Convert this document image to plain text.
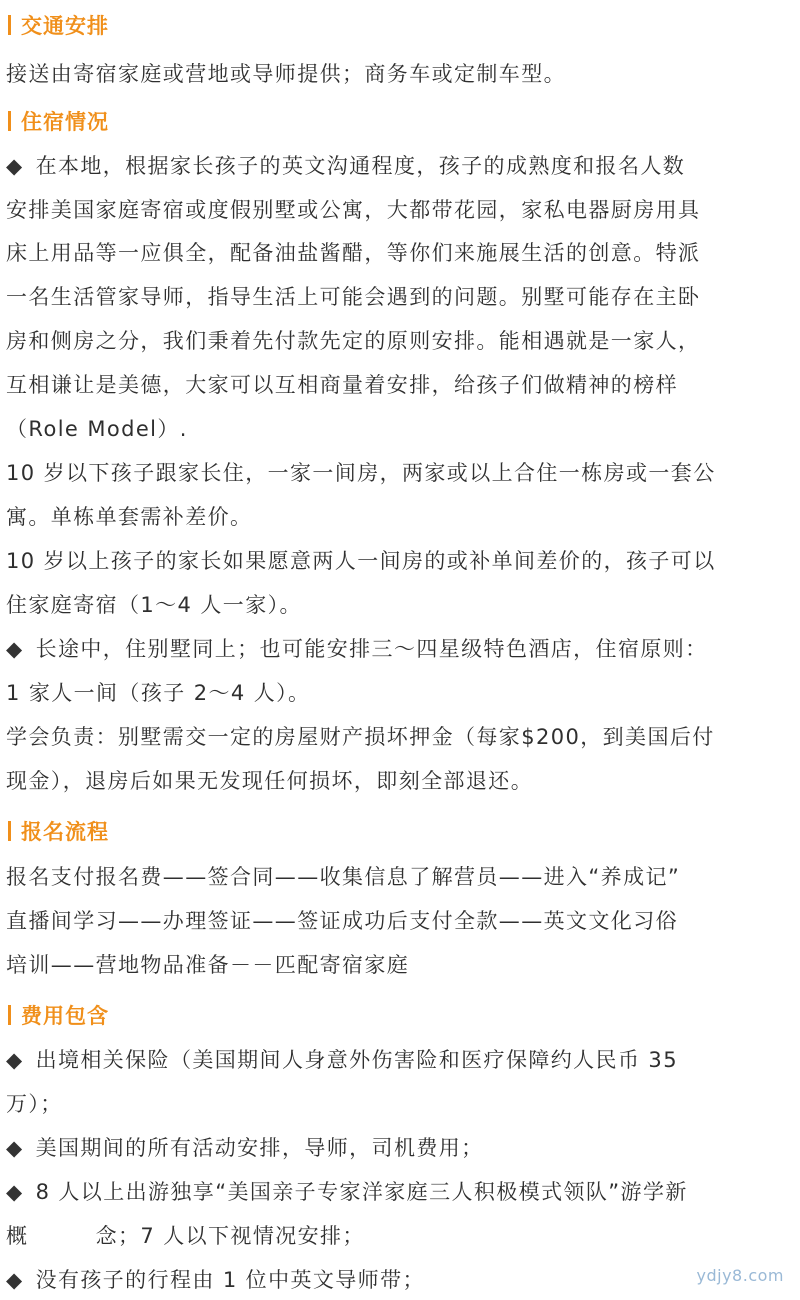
交通安排
接送由寄宿家庭或营地或导师提供；商务车或定制车型。
住宿情况
◆ 在本地，根据家长孩子的英文沟通程度，孩子的成熟度和报名人数
安排美国家庭寄宿或度假别墅或公寓，大都带花园，家私电器厨房用具
床上用品等一应俱全，配备油盐酱醋，等你们来施展生活的创意。特派
一名生活管家导师，指导生活上可能会遇到的问题。别墅可能存在主卧
房和侧房之分，我们秉着先付款先定的原则安排。能相遇就是一家人，
互相谦让是美德，大家可以互相商量着安排，给孩子们做精神的榜样
（Role Model）.
10 岁以下孩子跟家长住，一家一间房，两家或以上合住一栋房或一套公
寓。单栋单套需补差价。
10 岁以上孩子的家长如果愿意两人一间房的或补单间差价的，孩子可以
住家庭寄宿（1～4 人一家）。
◆ 长途中，住别墅同上；也可能安排三～四星级特色酒店，住宿原则：
1 家人一间（孩子 2～4 人）。
学会负责：别墅需交一定的房屋财产损坏押金（每家$200，到美国后付
现金），退房后如果无发现任何损坏，即刻全部退还。
报名流程
报名支付报名费——签合同——收集信息了解营员——进入“养成记”
直播间学习——办理签证——签证成功后支付全款——英文文化习俗
培训——营地物品准备－－匹配寄宿家庭
费用包含
◆ 出境相关保险（美国期间人身意外伤害险和医疗保障约人民币 35
万）；
◆ 美国期间的所有活动安排，导师，司机费用；
◆ 8 人以上出游独享“美国亲子专家洋家庭三人积极模式领队”游学新
概　　　念；7 人以下视情况安排；
◆ 没有孩子的行程由 1 位中英文导师带；	ydjy8.com
